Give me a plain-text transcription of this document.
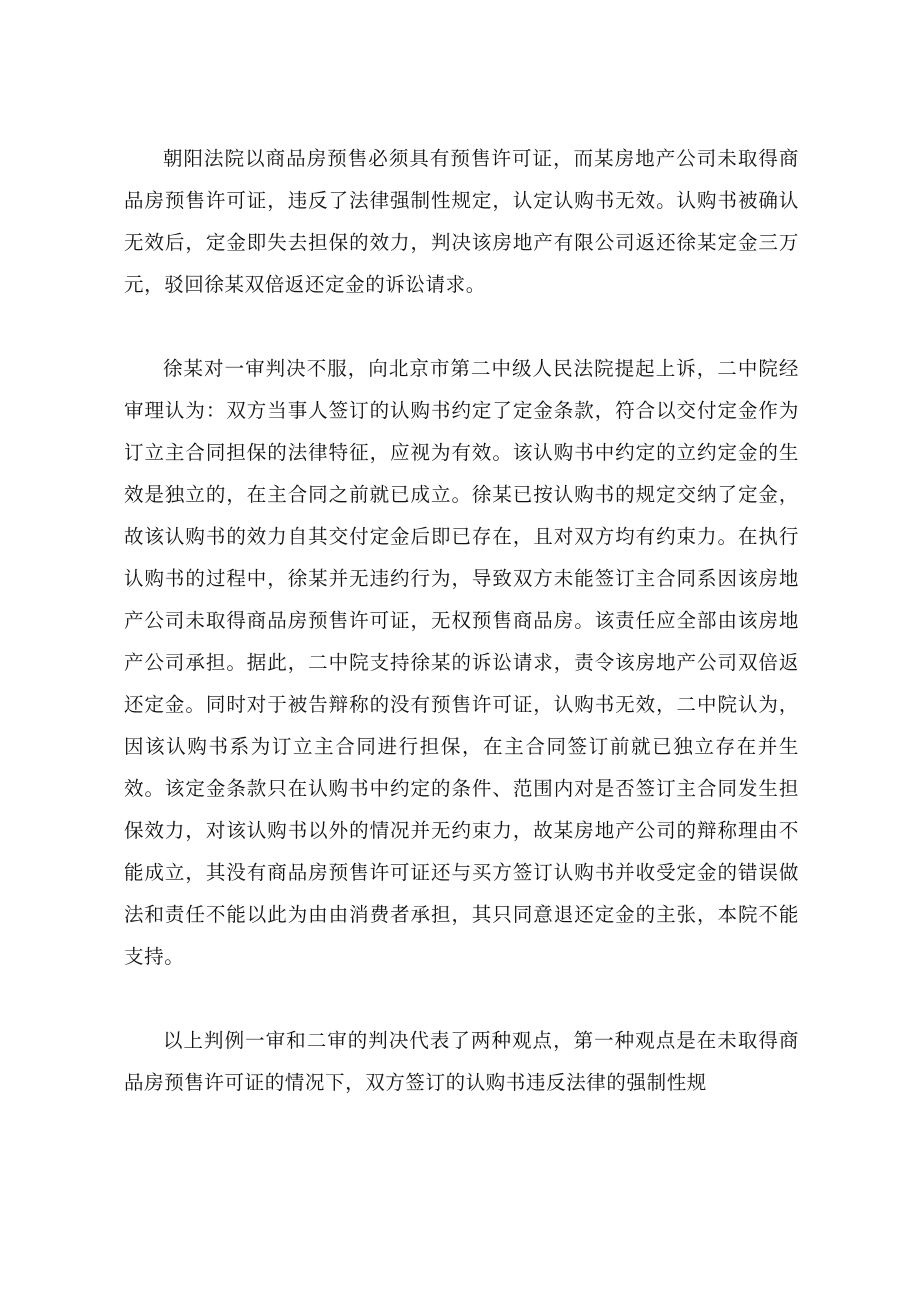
朝阳法院以商品房预售必须具有预售许可证，而某房地产公司未取得商品房预售许可证，违反了法律强制性规定，认定认购书无效。认购书被确认无效后，定金即失去担保的效力，判决该房地产有限公司返还徐某定金三万元，驳回徐某双倍返还定金的诉讼请求。

徐某对一审判决不服，向北京市第二中级人民法院提起上诉，二中院经审理认为：双方当事人签订的认购书约定了定金条款，符合以交付定金作为订立主合同担保的法律特征，应视为有效。该认购书中约定的立约定金的生效是独立的，在主合同之前就已成立。徐某已按认购书的规定交纳了定金，故该认购书的效力自其交付定金后即已存在，且对双方均有约束力。在执行认购书的过程中，徐某并无违约行为，导致双方未能签订主合同系因该房地产公司未取得商品房预售许可证，无权预售商品房。该责任应全部由该房地产公司承担。据此，二中院支持徐某的诉讼请求，责令该房地产公司双倍返还定金。同时对于被告辩称的没有预售许可证，认购书无效，二中院认为，因该认购书系为订立主合同进行担保，在主合同签订前就已独立存在并生效。该定金条款只在认购书中约定的条件、范围内对是否签订主合同发生担保效力，对该认购书以外的情况并无约束力，故某房地产公司的辩称理由不能成立，其没有商品房预售许可证还与买方签订认购书并收受定金的错误做法和责任不能以此为由由消费者承担，其只同意退还定金的主张，本院不能支持。

以上判例一审和二审的判决代表了两种观点，第一种观点是在未取得商品房预售许可证的情况下，双方签订的认购书违反法律的强制性规
